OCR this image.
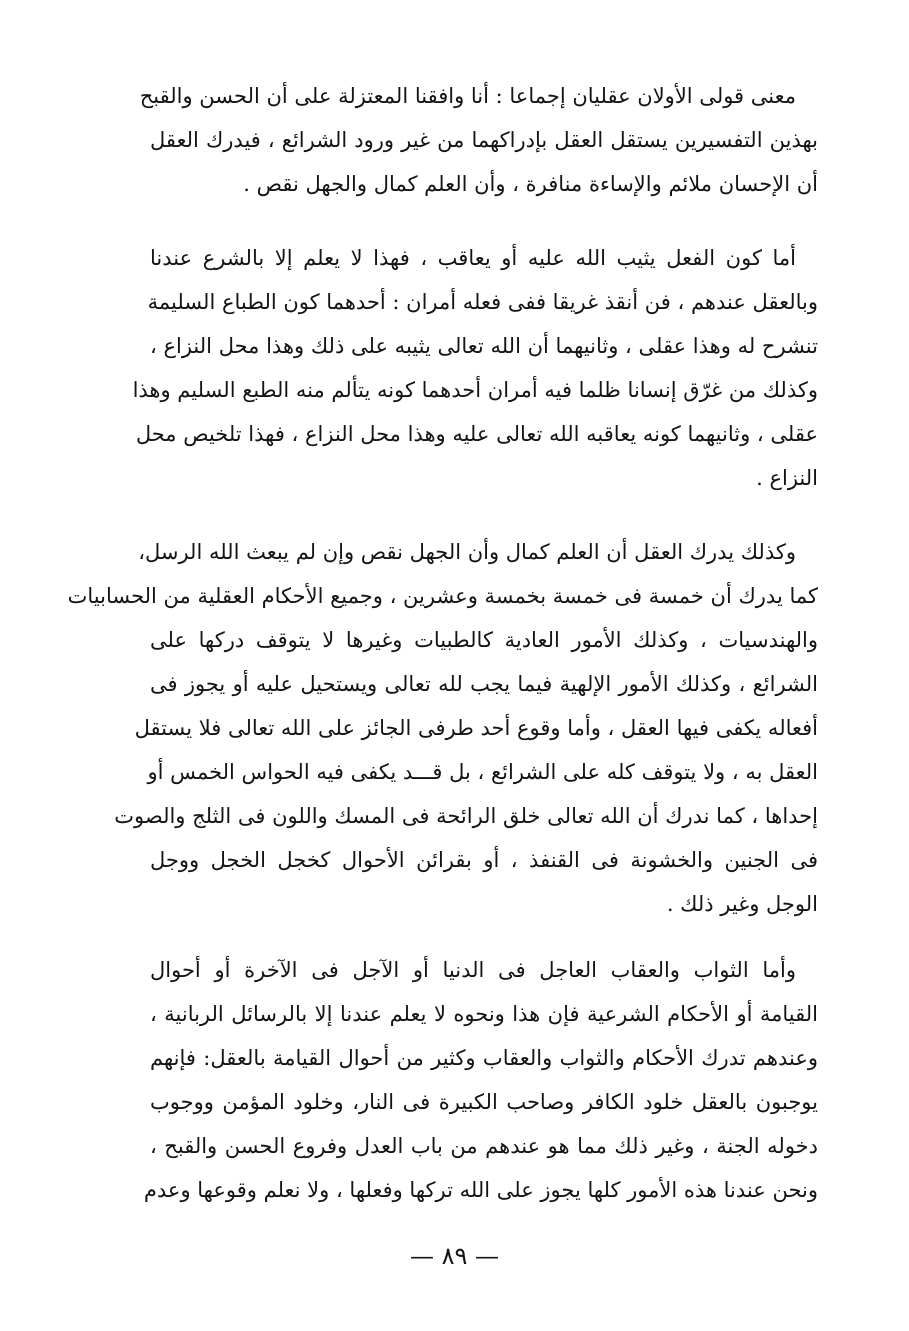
معنى قولى الأولان عقليان إجماعا : أنا وافقنا المعتزلة على أن الحسن والقبح
بهذين التفسيرين يستقل العقل بإدراكهما من غير ورود الشرائع ، فيدرك العقل
أن الإحسان ملائم والإساءة منافرة ، وأن العلم كمال والجهل نقص .
أما كون الفعل يثيب الله عليه أو يعاقب ، فهذا لا يعلم إلا بالشرع عندنا
وبالعقل عندهم ، فن أنقذ غريقا ففى فعله أمران : أحدهما كون الطباع السليمة
تنشرح له وهذا عقلى ، وثانيهما أن الله تعالى يثيبه على ذلك وهذا محل النزاع ،
وكذلك من غرّق إنسانا ظلما فيه أمران أحدهما كونه يتألم منه الطبع السليم وهذا
عقلى ، وثانيهما كونه يعاقبه الله تعالى عليه وهذا محل النزاع ، فهذا تلخيص محل
النزاع .
وكذلك يدرك العقل أن العلم كمال وأن الجهل نقص وإن لم يبعث الله الرسل،
كما يدرك أن خمسة فى خمسة بخمسة وعشرين ، وجميع الأحكام العقلية من الحسابيات
والهندسيات ، وكذلك الأمور العادية كالطبيات وغيرها لا يتوقف دركها على
الشرائع ، وكذلك الأمور الإلهية فيما يجب لله تعالى ويستحيل عليه أو يجوز فى
أفعاله يكفى فيها العقل ، وأما وقوع أحد طرفى الجائز على الله تعالى فلا يستقل
العقل به ، ولا يتوقف كله على الشرائع ، بل قـــد يكفى فيه الحواس الخمس أو
إحداها ، كما ندرك أن الله تعالى خلق الرائحة فى المسك واللون فى الثلج والصوت
فى الجنين والخشونة فى القنفذ ، أو بقرائن الأحوال كخجل الخجل ووجل
الوجل وغير ذلك .
وأما الثواب والعقاب العاجل فى الدنيا أو الآجل فى الآخرة أو أحوال
القيامة أو الأحكام الشرعية فإن هذا ونحوه لا يعلم عندنا إلا بالرسائل الربانية ،
وعندهم تدرك الأحكام والثواب والعقاب وكثير من أحوال القيامة بالعقل: فإنهم
يوجبون بالعقل خلود الكافر وصاحب الكبيرة فى النار، وخلود المؤمن ووجوب
دخوله الجنة ، وغير ذلك مما هو عندهم من باب العدل وفروع الحسن والقبح ،
ونحن عندنا هذه الأمور كلها يجوز على الله تركها وفعلها ، ولا نعلم وقوعها وعدم
— ٨٩ —
